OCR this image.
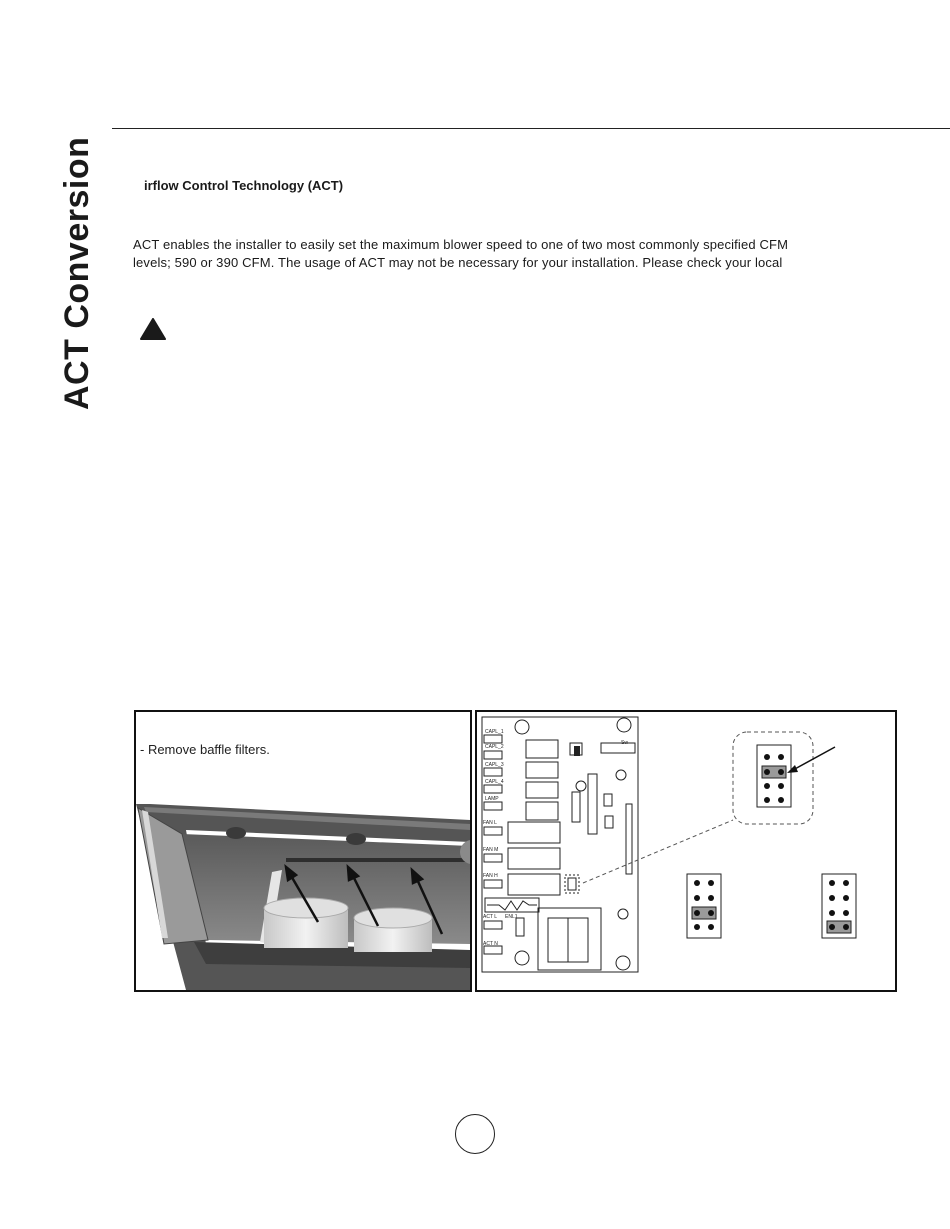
ACT Conversion	irflow Control Technology (ACT)

ACT enables the installer to easily set the maximum blower speed to one of two most commonly specified CFM

levels; 590 or 390 CFM. The usage of ACT may not be necessary for your installation. Please check your local

- Remove baffle filters.
CAPL_1
CAPL_2
CAPL_3
CAPL_4
LAMP
FAN L
FAN M
FAN H
ACT L
ACT N
ENL1
Sw
